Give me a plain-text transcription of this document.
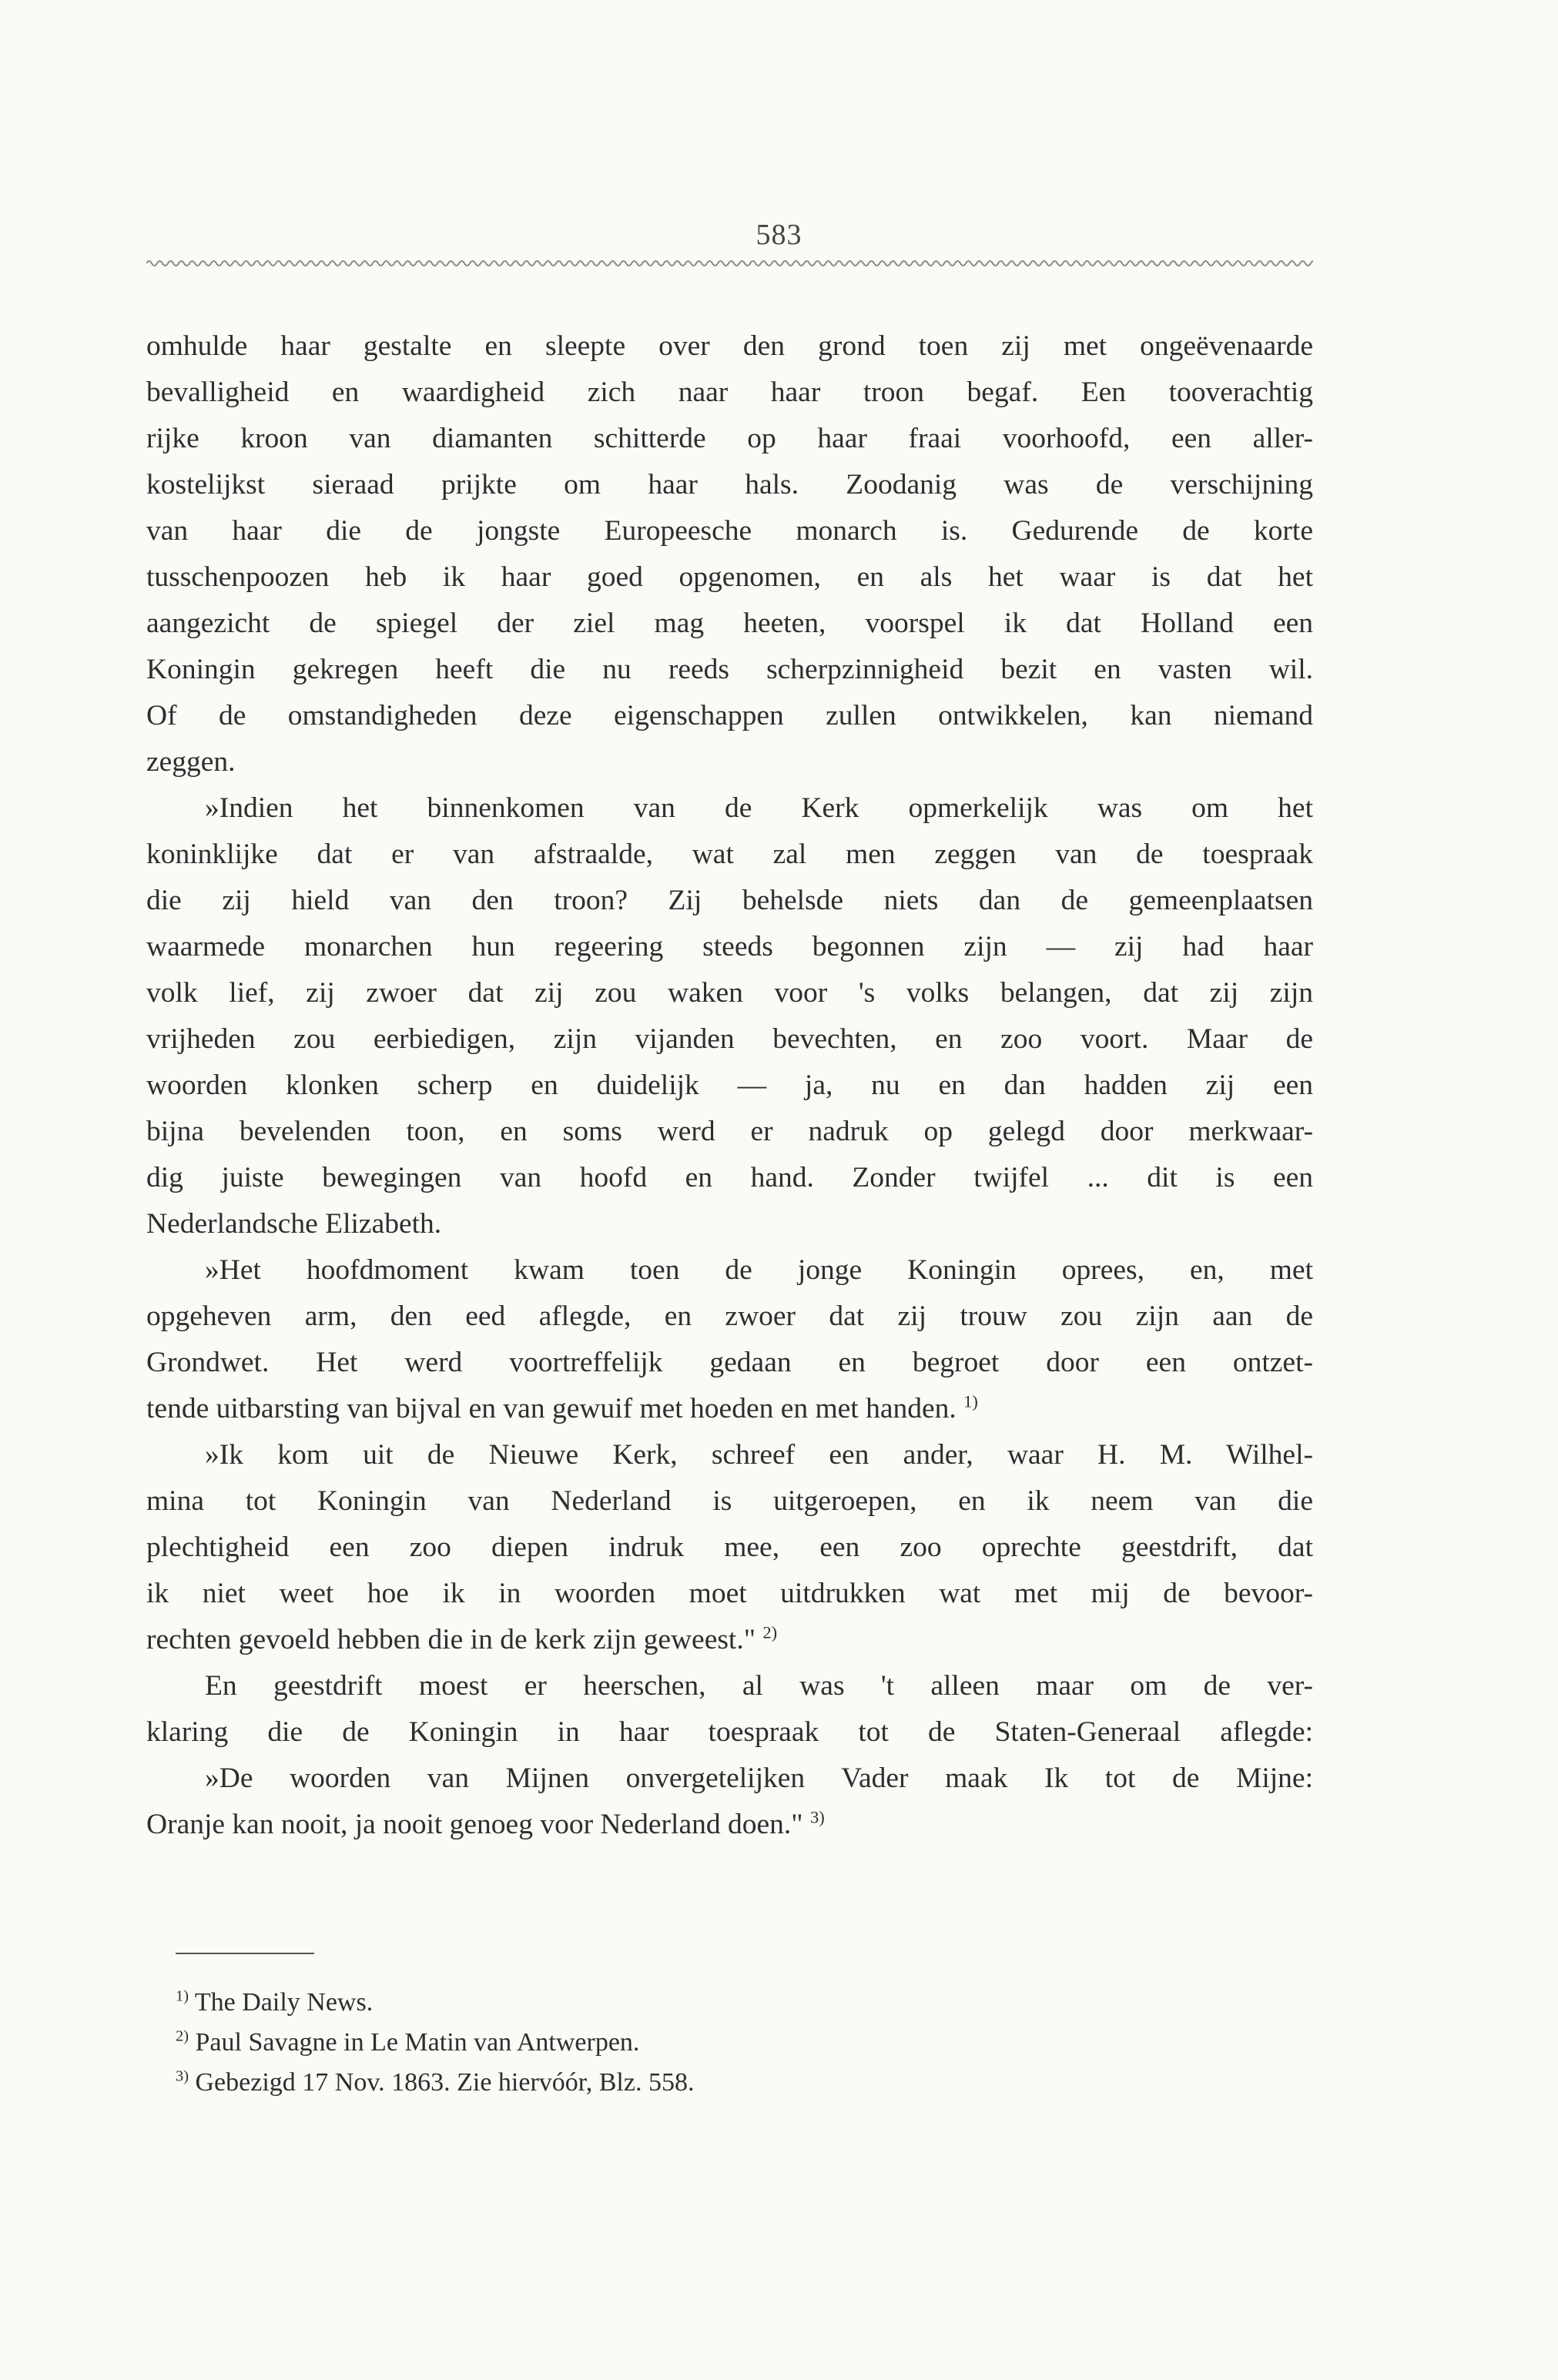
583

omhulde haar gestalte en sleepte over den grond toen zij met ongeëvenaarde
bevalligheid en waardigheid zich naar haar troon begaf. Een tooverachtig
rijke kroon van diamanten schitterde op haar fraai voorhoofd, een aller-
kostelijkst sieraad prijkte om haar hals. Zoodanig was de verschijning
van haar die de jongste Europeesche monarch is. Gedurende de korte
tusschenpoozen heb ik haar goed opgenomen, en als het waar is dat het
aangezicht de spiegel der ziel mag heeten, voorspel ik dat Holland een
Koningin gekregen heeft die nu reeds scherpzinnigheid bezit en vasten wil.
Of de omstandigheden deze eigenschappen zullen ontwikkelen, kan niemand
zeggen.

»Indien het binnenkomen van de Kerk opmerkelijk was om het
koninklijke dat er van afstraalde, wat zal men zeggen van de toespraak
die zij hield van den troon? Zij behelsde niets dan de gemeenplaatsen
waarmede monarchen hun regeering steeds begonnen zijn — zij had haar
volk lief, zij zwoer dat zij zou waken voor 's volks belangen, dat zij zijn
vrijheden zou eerbiedigen, zijn vijanden bevechten, en zoo voort. Maar de
woorden klonken scherp en duidelijk — ja, nu en dan hadden zij een
bijna bevelenden toon, en soms werd er nadruk op gelegd door merkwaar-
dig juiste bewegingen van hoofd en hand. Zonder twijfel ... dit is een
Nederlandsche Elizabeth.

»Het hoofdmoment kwam toen de jonge Koningin oprees, en, met
opgeheven arm, den eed aflegde, en zwoer dat zij trouw zou zijn aan de
Grondwet. Het werd voortreffelijk gedaan en begroet door een ontzet-
tende uitbarsting van bijval en van gewuif met hoeden en met handen. $^{1)}$

»Ik kom uit de Nieuwe Kerk, schreef een ander, waar H. M. Wilhel-
mina tot Koningin van Nederland is uitgeroepen, en ik neem van die
plechtigheid een zoo diepen indruk mee, een zoo oprechte geestdrift, dat
ik niet weet hoe ik in woorden moet uitdrukken wat met mij de bevoor-
rechten gevoeld hebben die in de kerk zijn geweest." $^{2)}$

En geestdrift moest er heerschen, al was 't alleen maar om de ver-
klaring die de Koningin in haar toespraak tot de Staten-Generaal aflegde:

»De woorden van Mijnen onvergetelijken Vader maak Ik tot de Mijne:
Oranje kan nooit, ja nooit genoeg voor Nederland doen." $^{3)}$

$^{1)}$ The Daily News.
$^{2)}$ Paul Savagne in Le Matin van Antwerpen.
$^{3)}$ Gebezigd 17 Nov. 1863. Zie hiervóór, Blz. 558.
